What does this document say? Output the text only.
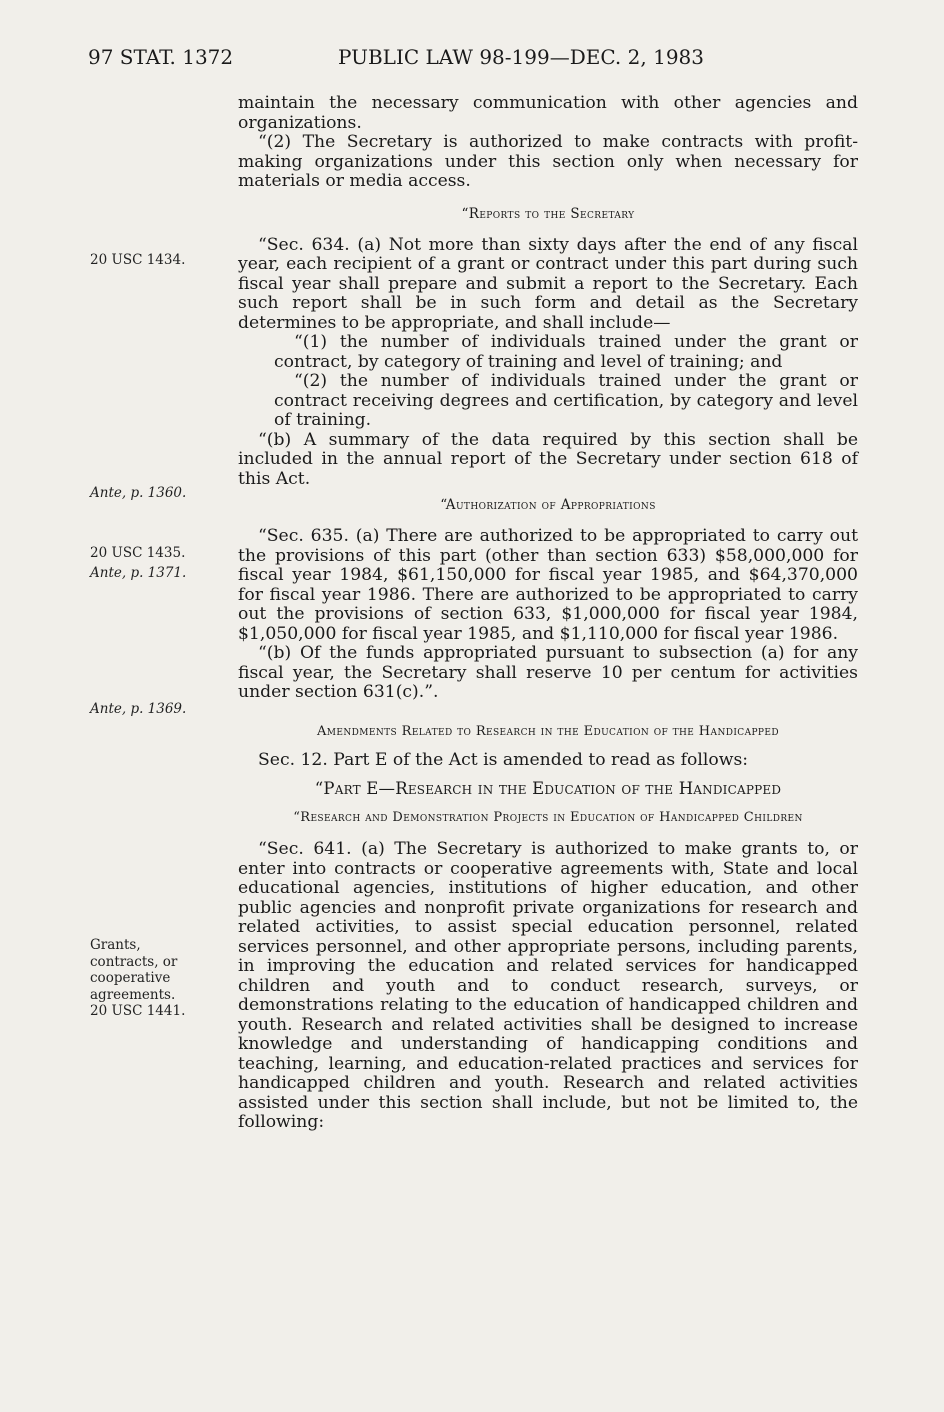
97 STAT. 1372	PUBLIC LAW 98-199—DEC. 2, 1983
20 USC 1434.
Ante, p. 1360.
20 USC 1435.
Ante, p. 1371.
Ante, p. 1369.
Grants,
contracts, or
cooperative
agreements.
20 USC 1441.
maintain the necessary communication with other agencies and organizations.
“(2) The Secretary is authorized to make contracts with profit-making organizations under this section only when necessary for materials or media access.
“Reports to the Secretary
“Sec. 634. (a) Not more than sixty days after the end of any fiscal year, each recipient of a grant or contract under this part during such fiscal year shall prepare and submit a report to the Secretary. Each such report shall be in such form and detail as the Secretary determines to be appropriate, and shall include—
“(1) the number of individuals trained under the grant or contract, by category of training and level of training; and
“(2) the number of individuals trained under the grant or contract receiving degrees and certification, by category and level of training.
“(b) A summary of the data required by this section shall be included in the annual report of the Secretary under section 618 of this Act.
“Authorization of Appropriations
“Sec. 635. (a) There are authorized to be appropriated to carry out the provisions of this part (other than section 633) $58,000,000 for fiscal year 1984, $61,150,000 for fiscal year 1985, and $64,370,000 for fiscal year 1986. There are authorized to be appropriated to carry out the provisions of section 633, $1,000,000 for fiscal year 1984, $1,050,000 for fiscal year 1985, and $1,110,000 for fiscal year 1986.
“(b) Of the funds appropriated pursuant to subsection (a) for any fiscal year, the Secretary shall reserve 10 per centum for activities under section 631(c).”.
Amendments Related to Research in the Education of the Handicapped
Sec. 12. Part E of the Act is amended to read as follows:
“Part E—Research in the Education of the Handicapped
“Research and Demonstration Projects in Education of Handicapped Children
“Sec. 641. (a) The Secretary is authorized to make grants to, or enter into contracts or cooperative agreements with, State and local educational agencies, institutions of higher education, and other public agencies and nonprofit private organizations for research and related activities, to assist special education personnel, related services personnel, and other appropriate persons, including parents, in improving the education and related services for handicapped children and youth and to conduct research, surveys, or demonstrations relating to the education of handicapped children and youth. Research and related activities shall be designed to increase knowledge and understanding of handicapping conditions and teaching, learning, and education-related practices and services for handicapped children and youth. Research and related activities assisted under this section shall include, but not be limited to, the following:
